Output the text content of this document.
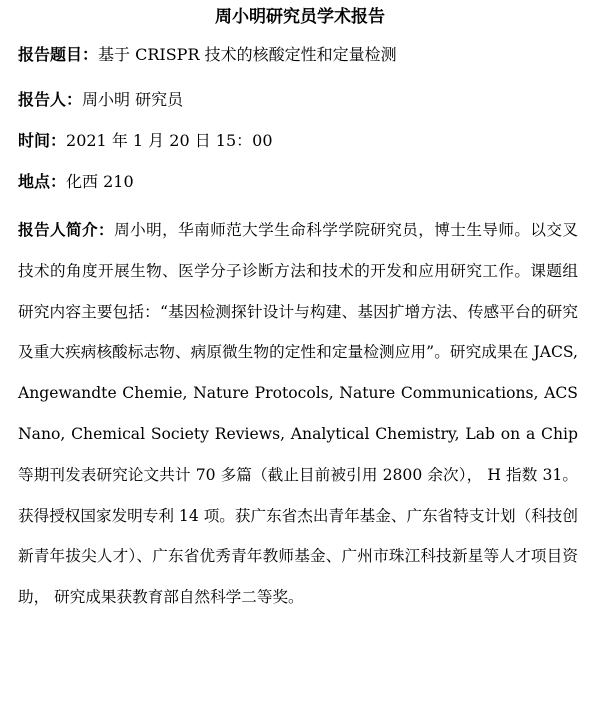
周小明研究员学术报告
报告题目：基于 CRISPR 技术的核酸定性和定量检测
报告人：周小明 研究员
时间：2021 年 1 月 20 日 15：00
地点：化西 210
报告人简介：周小明，华南师范大学生命科学学院研究员，博士生导师。以交叉技术的角度开展生物、医学分子诊断方法和技术的开发和应用研究工作。课题组研究内容主要包括：“基因检测探针设计与构建、基因扩增方法、传感平台的研究及重大疾病核酸标志物、病原微生物的定性和定量检测应用”。研究成果在 JACS, Angewandte Chemie, Nature Protocols, Nature Communications, ACS Nano, Chemical Society Reviews, Analytical Chemistry, Lab on a Chip 等期刊发表研究论文共计 70 多篇（截止目前被引用 2800 余次）， H 指数 31。获得授权国家发明专利 14 项。获广东省杰出青年基金、广东省特支计划（科技创新青年拔尖人才）、广东省优秀青年教师基金、广州市珠江科技新星等人才项目资助， 研究成果获教育部自然科学二等奖。
